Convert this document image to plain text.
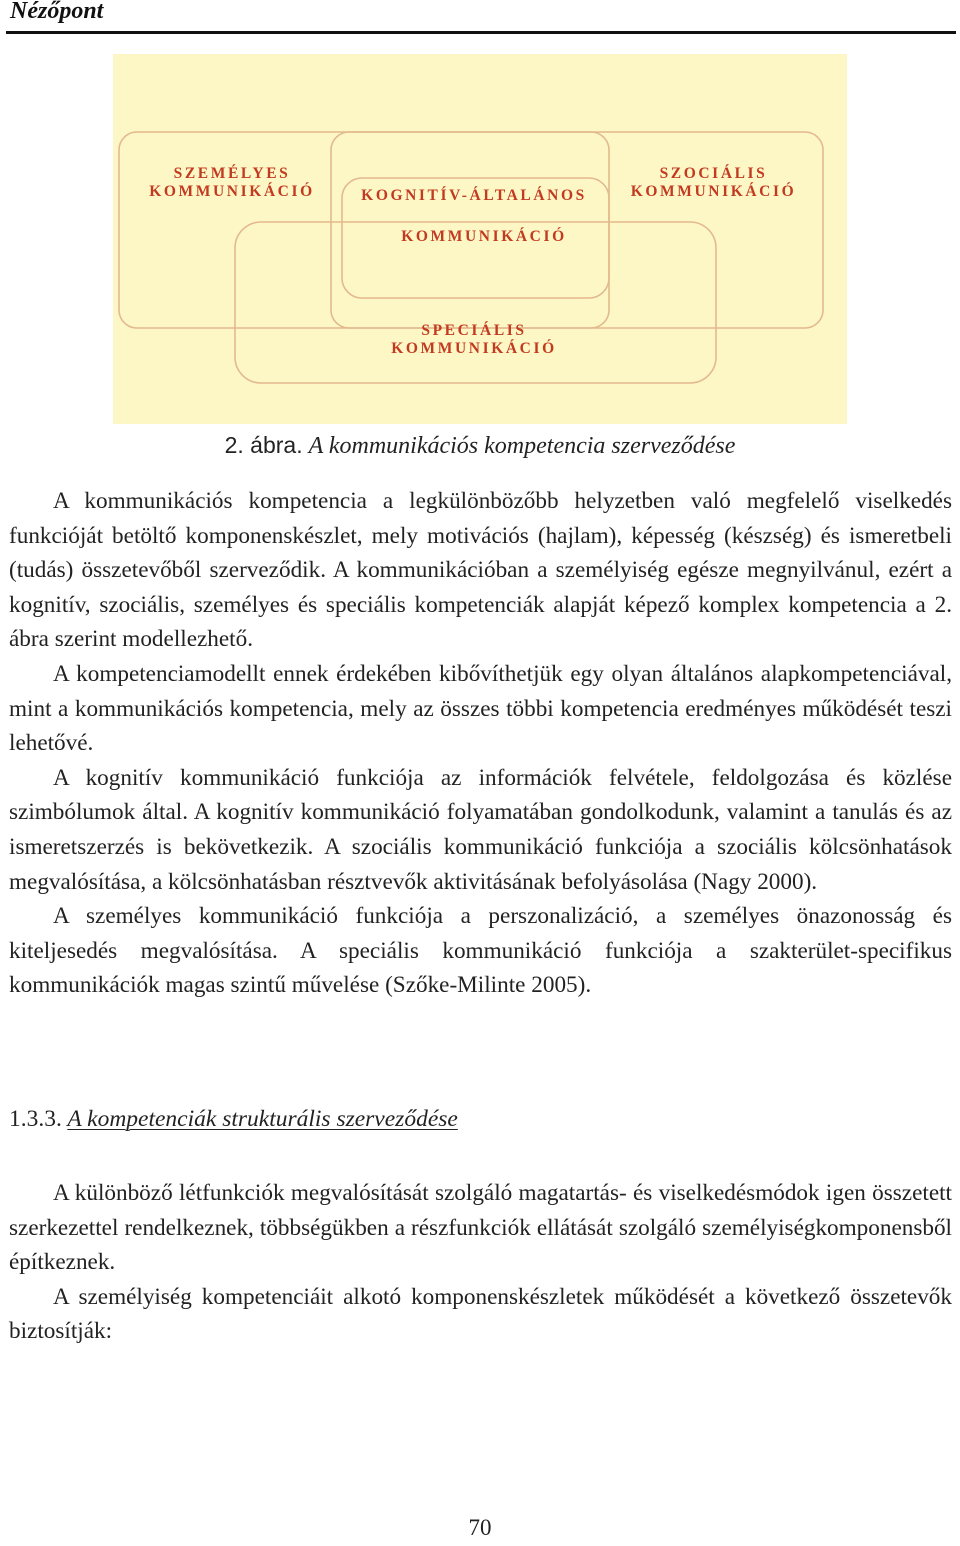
Nézőpont
SZEMÉLYES
KOMMUNIKÁCIÓ
SZOCIÁLIS
KOMMUNIKÁCIÓ
KOGNITÍV-ÁLTALÁNOS
KOMMUNIKÁCIÓ
SPECIÁLIS
KOMMUNIKÁCIÓ
2. ábra. A kommunikációs kompetencia szerveződése

A kommunikációs kompetencia a legkülönbözőbb helyzetben való megfelelő viselkedés funkcióját betöltő komponenskészlet, mely motivációs (hajlam), képesség (készség) és ismeretbeli (tudás) összetevőből szerveződik. A kommunikációban a személyiség egésze megnyilvánul, ezért a kognitív, szociális, személyes és speciális kompetenciák alapját képező komplex kompetencia a 2. ábra szerint modellezhető.

A kompetenciamodellt ennek érdekében kibővíthetjük egy olyan általános alapkompetenciával, mint a kommunikációs kompetencia, mely az összes többi kompetencia eredményes működését teszi lehetővé.

A kognitív kommunikáció funkciója az információk felvétele, feldolgozása és közlése szimbólumok által. A kognitív kommunikáció folyamatában gondolkodunk, valamint a tanulás és az ismeretszerzés is bekövetkezik. A szociális kommunikáció funkciója a szociális kölcsönhatások megvalósítása, a kölcsönhatásban résztvevők aktivitásának befolyásolása (Nagy 2000).

A személyes kommunikáció funkciója a perszonalizáció, a személyes önazonosság és kiteljesedés megvalósítása. A speciális kommunikáció funkciója a szakterület-specifikus kommunikációk magas szintű művelése (Szőke-Milinte 2005).

1.3.3. A kompetenciák strukturális szerveződése

A különböző létfunkciók megvalósítását szolgáló magatartás- és viselkedésmódok igen összetett szerkezettel rendelkeznek, többségükben a részfunkciók ellátását szolgáló személyiségkomponensből építkeznek.

A személyiség kompetenciáit alkotó komponenskészletek működését a következő összetevők biztosítják:

70
